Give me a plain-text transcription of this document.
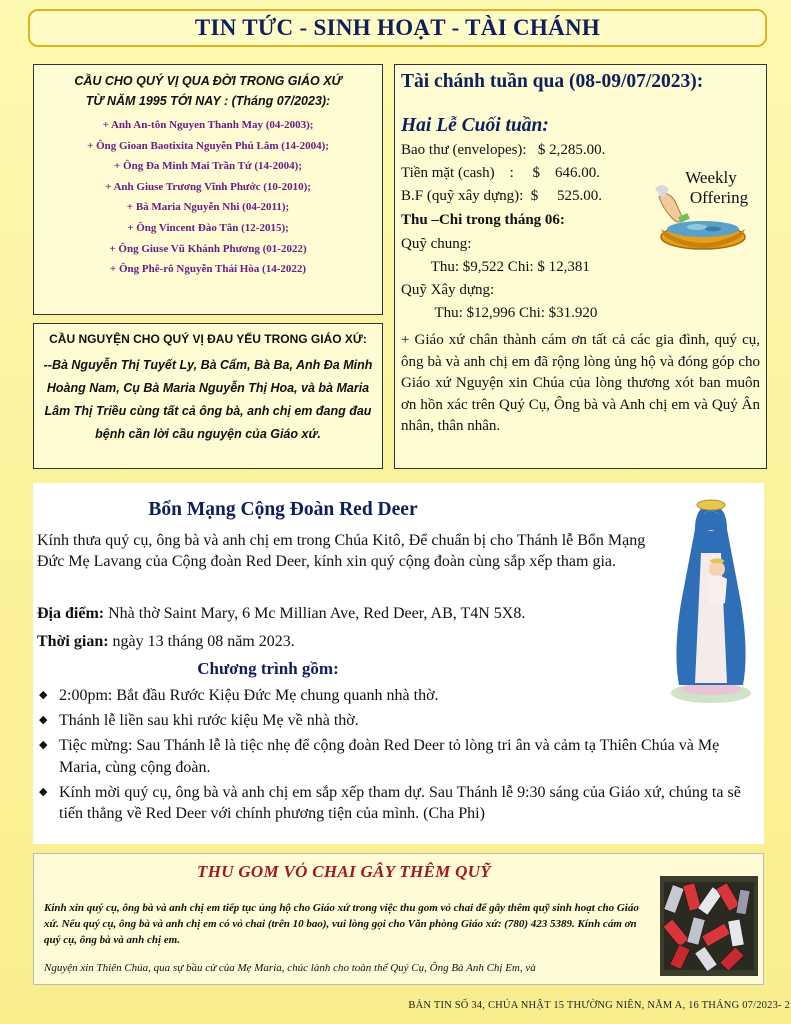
TIN TỨC - SINH HOẠT - TÀI CHÁNH
CẦU CHO QUÝ VỊ QUA ĐỜI TRONG GIÁO XỨ
TỪ NĂM 1995 TỚI NAY : (Tháng 07/2023):
+ Anh An-tôn Nguyen Thanh May (04-2003);
+ Ông Gioan Baotixita Nguyễn Phú Lâm (14-2004);
+ Ông Đa Minh Mai Trần Tứ (14-2004);
+ Anh Giuse Trương Vĩnh Phước (10-2010);
+ Bà Maria Nguyễn Nhi (04-2011);
+ Ông Vincent Đào Tân (12-2015);
+ Ông Giuse Vũ Khánh Phương (01-2022)
+ Ông Phê-rô Nguyễn Thái Hòa (14-2022)
CẦU NGUYỆN CHO QUÝ VỊ ĐAU YẾU TRONG GIÁO XỨ:
--Bà Nguyễn Thị Tuyết Ly, Bà Cẩm, Bà Ba, Anh Đa Minh Hoàng Nam, Cụ Bà Maria Nguyễn Thị Hoa, và bà Maria Lâm Thị Triều cùng tất cả ông bà, anh chị em đang đau bệnh cần lời cầu nguyện của Giáo xứ.
Tài chánh tuần qua (08-09/07/2023):
Hai Lễ Cuối tuần:
Bao thư (envelopes):   $ 2,285.00.
Tiền mặt (cash)    :     $    646.00.
B.F (quỹ xây dựng):  $     525.00.
Thu –Chi trong tháng 06:
Quỹ chung:
Thu: $9,522 Chi: $ 12,381
Quỹ Xây dựng:
Thu: $12,996 Chi: $31.920
+ Giáo xứ chân thành cám ơn tất cả các gia đình, quý cụ, ông bà và anh chị em đã rộng lòng ủng hộ và đóng góp cho Giáo xứ Nguyện xin Chúa của lòng thương xót ban muôn ơn hồn xác trên Quý Cụ, Ông bà và Anh chị em và Quý Ân nhân, thân nhân.
Weekly
Offering
Bổn Mạng Cộng Đoàn Red Deer
Kính thưa quý cụ, ông bà và anh chị em trong Chúa Kitô, Để chuẩn bị cho Thánh lễ Bổn Mạng Đức Mẹ Lavang của Cộng đoàn Red Deer, kính xin quý cộng đoàn cùng sắp xếp tham gia.
Địa điểm: Nhà thờ Saint Mary, 6 Mc Millian Ave, Red Deer, AB, T4N 5X8.
Thời gian: ngày 13 tháng 08 năm 2023.
Chương trình gồm:
◆ 2:00pm: Bắt đầu Rước Kiệu Đức Mẹ chung quanh nhà thờ.
◆ Thánh lễ liền sau khi rước kiệu Mẹ về nhà thờ.
◆ Tiệc mừng: Sau Thánh lễ là tiệc nhẹ để cộng đoàn Red Deer tỏ lòng tri ân và cảm tạ Thiên Chúa và Mẹ Maria, cùng cộng đoàn.
◆ Kính mời quý cụ, ông bà và anh chị em sắp xếp tham dự. Sau Thánh lễ 9:30 sáng của Giáo xứ, chúng ta sẽ tiến thẳng về Red Deer với chính phương tiện của mình. (Cha Phi)
THU GOM VỎ CHAI GÂY THÊM QUỸ
Kính xin quý cụ, ông bà và anh chị em tiếp tục ủng hộ cho Giáo xứ trong việc thu gom vỏ chai để gây thêm quỹ sinh hoạt cho Giáo xứ. Nếu quý cụ, ông bà và anh chị em có vỏ chai (trên 10 bao), vui lòng gọi cho Văn phòng Giáo xứ: (780) 423 5389. Kính cám ơn quý cụ, ông bà và anh chị em.
Nguyện xin Thiên Chúa, qua sự bầu cử của Mẹ Maria, chúc lành cho toàn thể Quý Cụ, Ông Bà Anh Chị Em, và
BẢN TIN SỐ 34, CHÚA NHẬT 15 THƯỜNG NIÊN, NĂM A, 16 THÁNG 07/2023- 2
